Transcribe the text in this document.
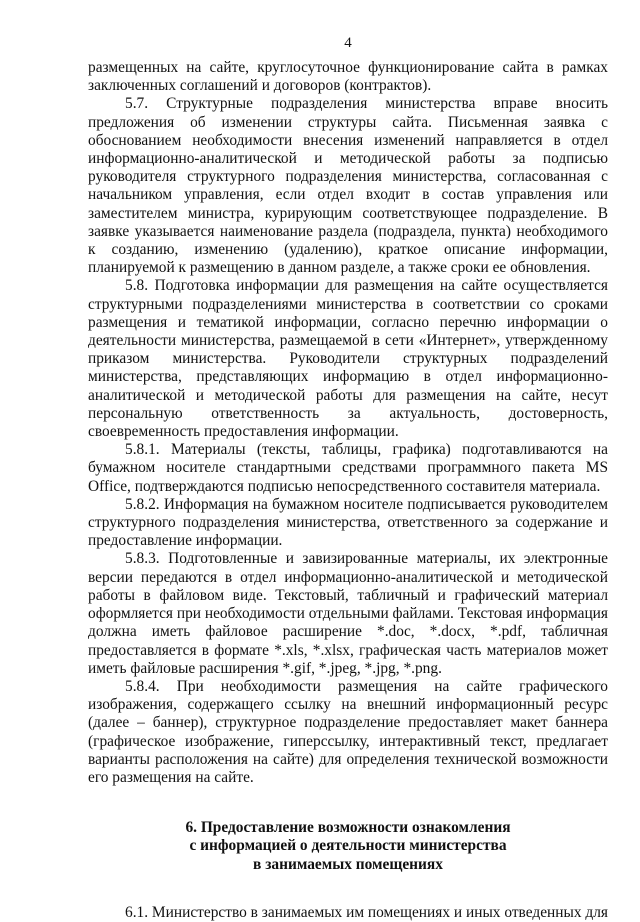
4

размещенных на сайте, круглосуточное функционирование сайта в рамках заключенных соглашений и договоров (контрактов).

5.7. Структурные подразделения министерства вправе вносить предложения об изменении структуры сайта. Письменная заявка с обоснованием необходимости внесения изменений направляется в отдел информационно-аналитической и методической работы за подписью руководителя структурного подразделения министерства, согласованная с начальником управления, если отдел входит в состав управления или заместителем министра, курирующим соответствующее подразделение. В заявке указывается наименование раздела (подраздела, пункта) необходимого к созданию, изменению (удалению), краткое описание информации, планируемой к размещению в данном разделе, а также сроки ее обновления.

5.8. Подготовка информации для размещения на сайте осуществляется структурными подразделениями министерства в соответствии со сроками размещения и тематикой информации, согласно перечню информации о деятельности министерства, размещаемой в сети «Интернет», утвержденному приказом министерства. Руководители структурных подразделений министерства, представляющих информацию в отдел информационно-аналитической и методической работы для размещения на сайте, несут персональную ответственность за актуальность, достоверность, своевременность предоставления информации.

5.8.1. Материалы (тексты, таблицы, графика) подготавливаются на бумажном носителе стандартными средствами программного пакета MS Office, подтверждаются подписью непосредственного составителя материала.

5.8.2. Информация на бумажном носителе подписывается руководителем структурного подразделения министерства, ответственного за содержание и предоставление информации.

5.8.3. Подготовленные и завизированные материалы, их электронные версии передаются в отдел информационно-аналитической и методической работы в файловом виде. Текстовый, табличный и графический материал оформляется при необходимости отдельными файлами. Текстовая информация должна иметь файловое расширение *.doc, *.docx, *.pdf, табличная предоставляется в формате *.xls, *.xlsx, графическая часть материалов может иметь файловые расширения *.gif, *.jpeg, *.jpg, *.png.

5.8.4. При необходимости размещения на сайте графического изображения, содержащего ссылку на внешний информационный ресурс (далее – баннер), структурное подразделение предоставляет макет баннера (графическое изображение, гиперссылку, интерактивный текст, предлагает варианты расположения на сайте) для определения технической возможности его размещения на сайте.

6. Предоставление возможности ознакомления
с информацией о деятельности министерства
в занимаемых помещениях

6.1. Министерство в занимаемых им помещениях и иных отведенных для
